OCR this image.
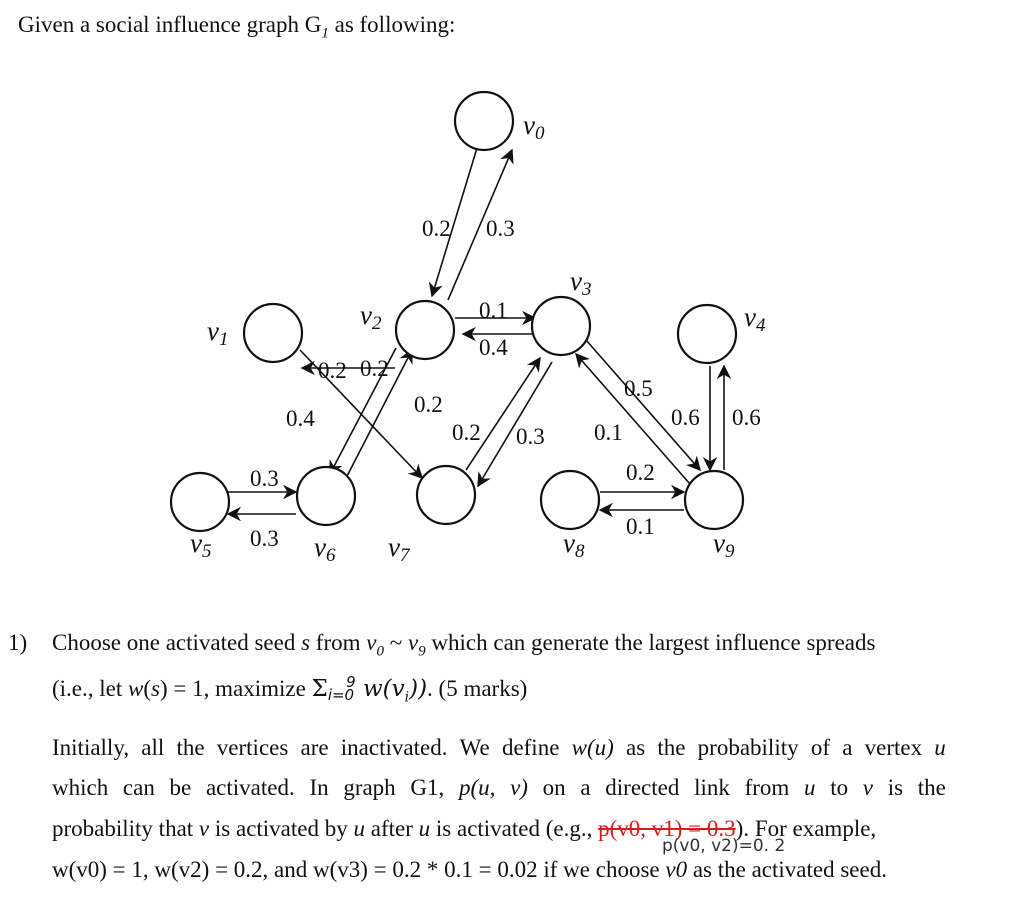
Given a social influence graph $G_1$ as following:
v0
v1
v2
v3
v4
v5	v6 v7	v8	v9
0.2 0.3
0.1
0.4
0.2 0.2
0.2
0.4
0.2 0.3
0.3
0.3
0.5
0.1
0.6 0.6
0.2
0.1
1) Choose one activated seed s from $v_0$ ~ $v_9$ which can generate the largest influence spreads
(i.e., let w(s) = 1, maximize $\Sigma i=0^9$ $w(v_i)$). (5 marks)
Initially, all the vertices are inactivated. We define w(u) as the probability of a vertex u
which can be activated. In graph G1, p(u, v) on a directed link from u to v is the
probability that v is activated by u after u is activated (e.g., p(v0, v1) = 0.3). For example,
p(v0, v2)=0. 2
w(v0) = 1, w(v2) = 0.2, and w(v3) = 0.2 * 0.1 = 0.02 if we choose v0 as the activated seed.
